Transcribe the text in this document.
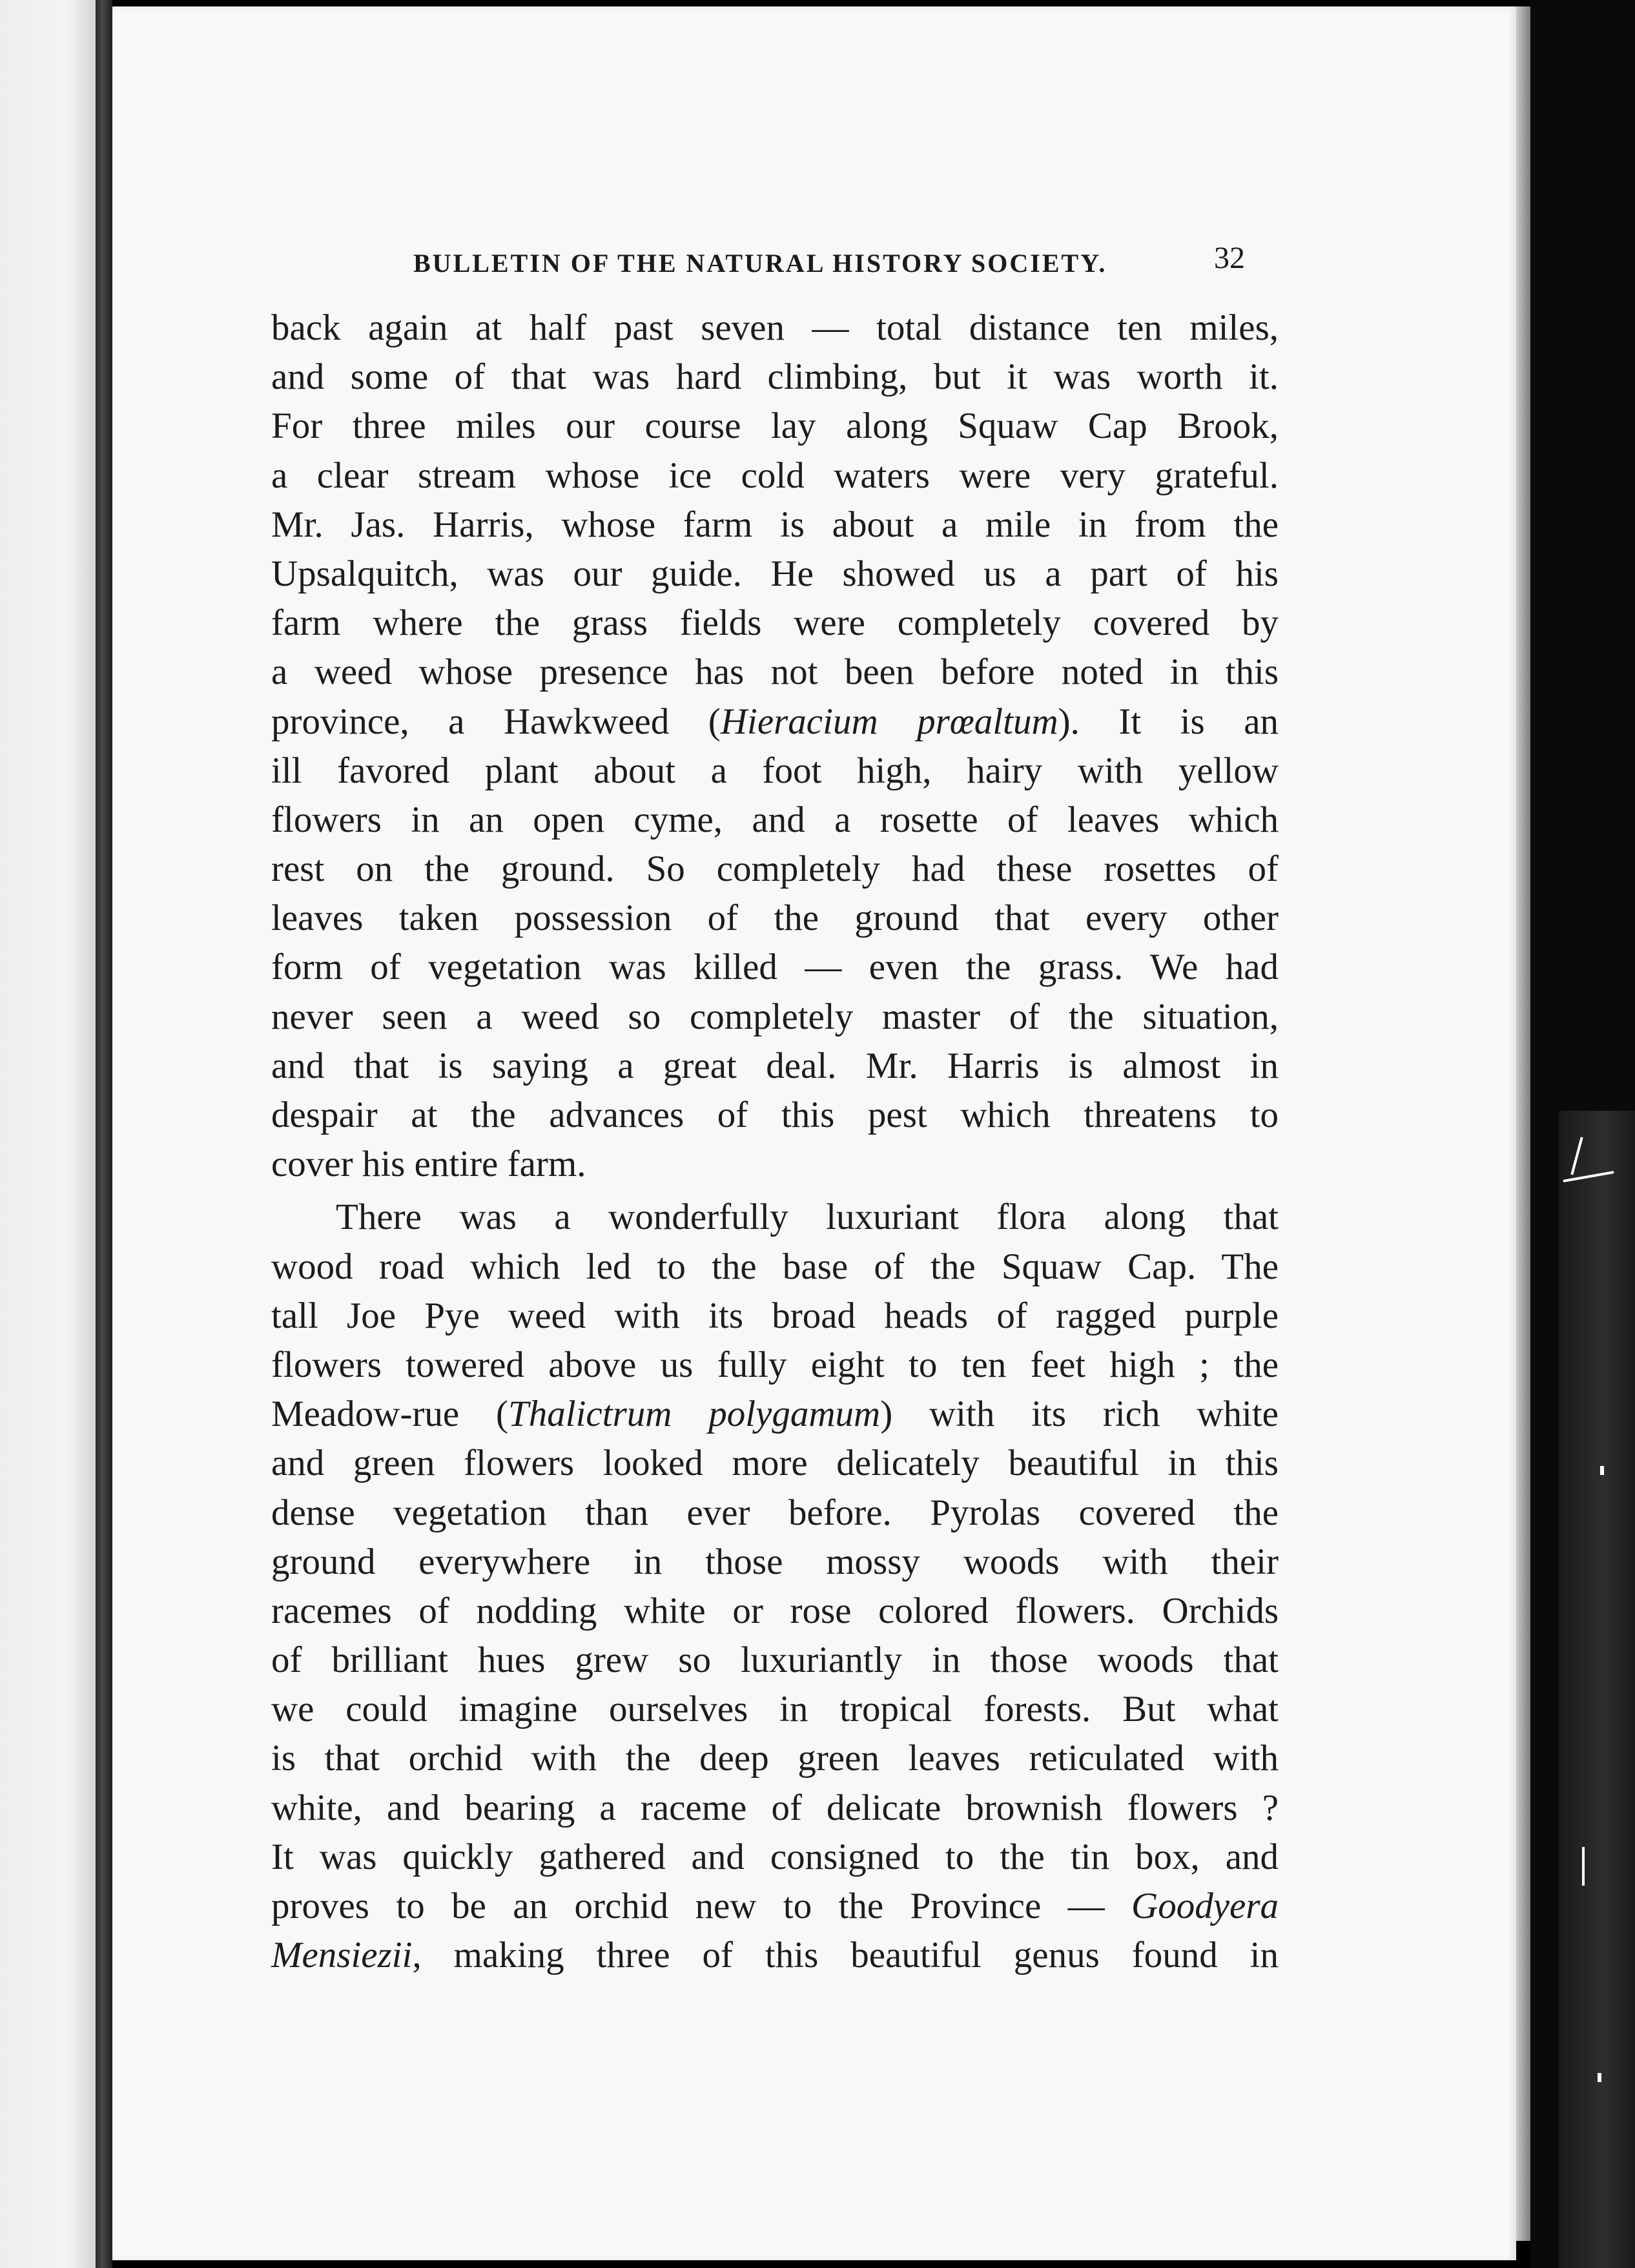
BULLETIN OF THE NATURAL HISTORY SOCIETY.	32
back again at half past seven — total distance ten miles,
and some of that was hard climbing, but it was worth it.
For three miles our course lay along Squaw Cap Brook,
a clear stream whose ice cold waters were very grateful.
Mr. Jas. Harris, whose farm is about a mile in from the
Upsalquitch, was our guide. He showed us a part of his
farm where the grass fields were completely covered by
a weed whose presence has not been before noted in this
province, a Hawkweed (Hieracium prœaltum). It is an
ill favored plant about a foot high, hairy with yellow
flowers in an open cyme, and a rosette of leaves which
rest on the ground. So completely had these rosettes of
leaves taken possession of the ground that every other
form of vegetation was killed — even the grass. We had
never seen a weed so completely master of the situation,
and that is saying a great deal. Mr. Harris is almost in
despair at the advances of this pest which threatens to
cover his entire farm.
There was a wonderfully luxuriant flora along that
wood road which led to the base of the Squaw Cap. The
tall Joe Pye weed with its broad heads of ragged purple
flowers towered above us fully eight to ten feet high ; the
Meadow-rue (Thalictrum polygamum) with its rich white
and green flowers looked more delicately beautiful in this
dense vegetation than ever before. Pyrolas covered the
ground everywhere in those mossy woods with their
racemes of nodding white or rose colored flowers. Orchids
of brilliant hues grew so luxuriantly in those woods that
we could imagine ourselves in tropical forests. But what
is that orchid with the deep green leaves reticulated with
white, and bearing a raceme of delicate brownish flowers ?
It was quickly gathered and consigned to the tin box, and
proves to be an orchid new to the Province — Goodyera
Mensiezii, making three of this beautiful genus found in
